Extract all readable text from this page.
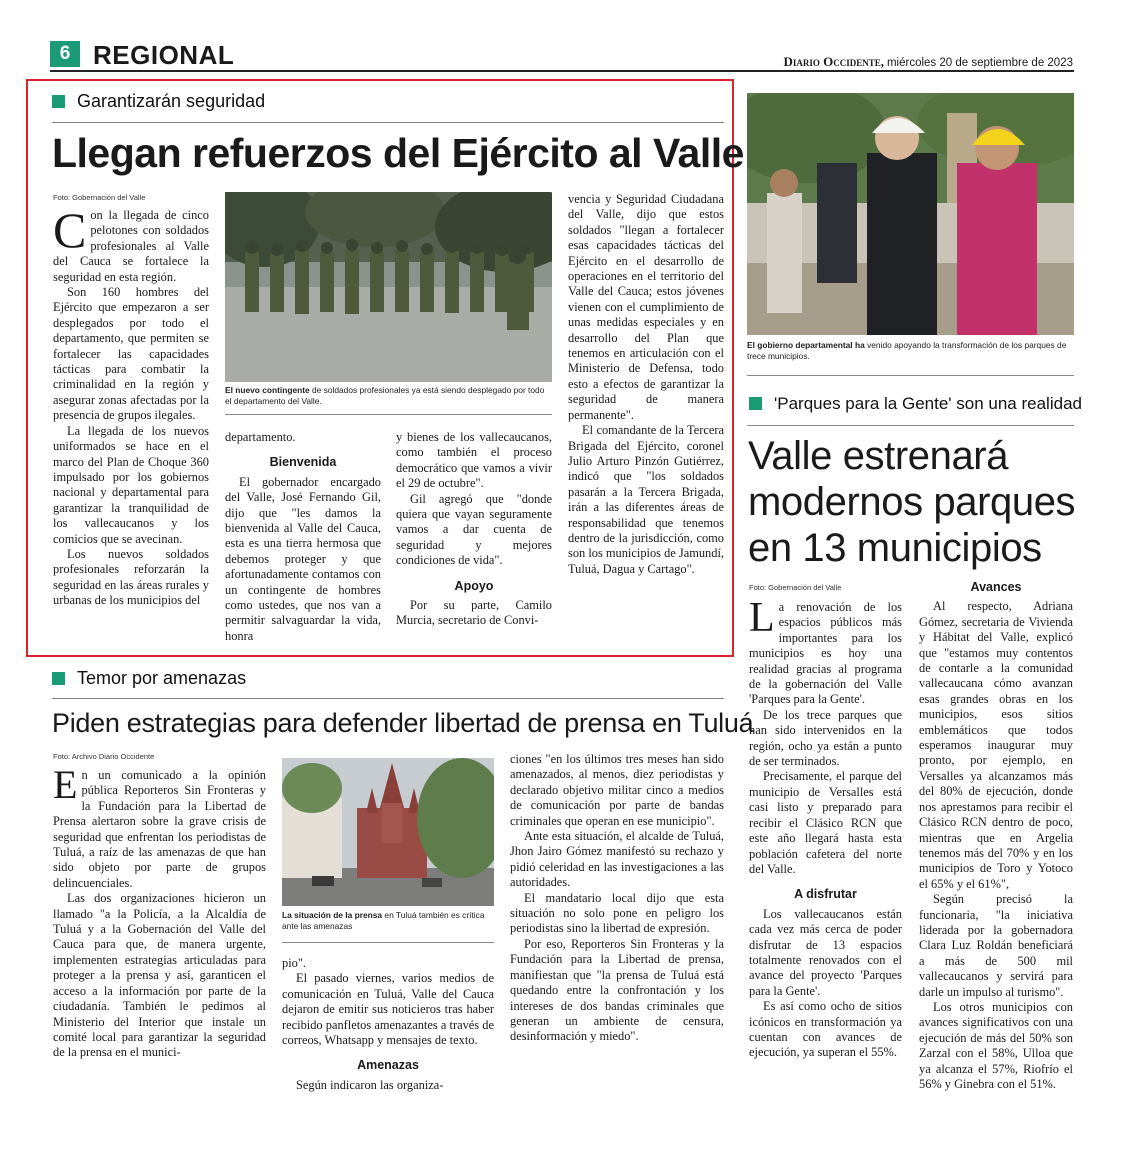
6 REGIONAL	Diario Occidente, miércoles 20 de septiembre de 2023
Garantizarán seguridad
Llegan refuerzos del Ejército al Valle
Foto: Gobernación del Valle

Con la llegada de cinco pelotones con soldados profesionales al Valle del Cauca se fortalece la seguridad en esta región.

Son 160 hombres del Ejército que empezaron a ser desplegados por todo el departamento, que permiten se fortalecer las capacidades tácticas para combatir la criminalidad en la región y asegurar zonas afectadas por la presencia de grupos ilegales.

La llegada de los nuevos uniformados se hace en el marco del Plan de Choque 360 impulsado por los gobiernos nacional y departamental para garantizar la tranquilidad de los vallecaucanos y los comicios que se avecinan.

Los nuevos soldados profesionales reforzarán la seguridad en las áreas rurales y urbanas de los municipios del

El nuevo contingente de soldados profesionales ya está siendo desplegado por todo el departamento del Valle.

departamento.

Bienvenida

El gobernador encargado del Valle, José Fernando Gil, dijo que "les damos la bienvenida al Valle del Cauca, esta es una tierra hermosa que debemos proteger y que afortunadamente contamos con un contingente de hombres como ustedes, que nos van a permitir salvaguardar la vida, honra

y bienes de los vallecaucanos, como también el proceso democrático que vamos a vivir el 29 de octubre".

Gil agregó que "donde quiera que vayan seguramente vamos a dar cuenta de seguridad y mejores condiciones de vida".

Apoyo

Por su parte, Camilo Murcia, secretario de Convi-

vencia y Seguridad Ciudadana del Valle, dijo que estos soldados "llegan a fortalecer esas capacidades tácticas del Ejército en el desarrollo de operaciones en el territorio del Valle del Cauca; estos jóvenes vienen con el cumplimiento de unas medidas especiales y en desarrollo del Plan que tenemos en articulación con el Ministerio de Defensa, todo esto a efectos de garantizar la seguridad de manera permanente".

El comandante de la Tercera Brigada del Ejército, coronel Julio Arturo Pinzón Gutiérrez, indicó que "los soldados pasarán a la Tercera Brigada, irán a las diferentes áreas de responsabilidad que tenemos dentro de la jurisdicción, como son los municipios de Jamundí, Tuluá, Dagua y Cartago".

El gobierno departamental ha venido apoyando la transformación de los parques de trece municipios.
'Parques para la Gente' son una realidad
Valle estrenará modernos parques en 13 municipios
Foto: Gobernación del Valle

La renovación de los espacios públicos más importantes para los municipios es hoy una realidad gracias al programa de la gobernación del Valle 'Parques para la Gente'.

De los trece parques que han sido intervenidos en la región, ocho ya están a punto de ser terminados.

Precisamente, el parque del municipio de Versalles está casi listo y preparado para recibir el Clásico RCN que este año llegará hasta esta población cafetera del norte del Valle.

A disfrutar

Los vallecaucanos están cada vez más cerca de poder disfrutar de 13 espacios totalmente renovados con el avance del proyecto 'Parques para la Gente'.

Es así como ocho de sitios icónicos en transformación ya cuentan con avances de ejecución, ya superan el 55%.

Avances

Al respecto, Adriana Gómez, secretaria de Vivienda y Hábitat del Valle, explicó que "estamos muy contentos de contarle a la comunidad vallecaucana cómo avanzan esas grandes obras en los municipios, esos sitios emblemáticos que todos esperamos inaugurar muy pronto, por ejemplo, en Versalles ya alcanzamos más del 80% de ejecución, donde nos aprestamos para recibir el Clásico RCN dentro de poco, mientras que en Argelia tenemos más del 70% y en los municipios de Toro y Yotoco el 65% y el 61%",

Según precisó la funcionaria, "la iniciativa liderada por la gobernadora Clara Luz Roldán beneficiará a más de 500 mil vallecaucanos y servirá para darle un impulso al turismo".

Los otros municipios con avances significativos con una ejecución de más del 50% son Zarzal con el 58%, Ulloa que ya alcanza el 57%, Riofrío el 56% y Ginebra con el 51%.

Temor por amenazas
Piden estrategias para defender libertad de prensa en Tuluá
Foto: Archivo Diario Occidente

En un comunicado a la opinión pública Reporteros Sin Fronteras y la Fundación para la Libertad de Prensa alertaron sobre la grave crisis de seguridad que enfrentan los periodistas de Tuluá, a raíz de las amenazas de que han sido objeto por parte de grupos delincuenciales.

Las dos organizaciones hicieron un llamado "a la Policía, a la Alcaldía de Tuluá y a la Gobernación del Valle del Cauca para que, de manera urgente, implementen estrategias articuladas para proteger a la prensa y así, garanticen el acceso a la información por parte de la ciudadanía. También le pedimos al Ministerio del Interior que instale un comité local para garantizar la seguridad de la prensa en el munici-

La situación de la prensa en Tuluá también es crítica ante las amenazas

pio".

El pasado viernes, varios medios de comunicación en Tuluá, Valle del Cauca dejaron de emitir sus noticieros tras haber recibido panfletos amenazantes a través de correos, Whatsapp y mensajes de texto.

Amenazas

Según indicaron las organiza-

ciones "en los últimos tres meses han sido amenazados, al menos, diez periodistas y declarado objetivo militar cinco a medios de comunicación por parte de bandas criminales que operan en ese municipio".

Ante esta situación, el alcalde de Tuluá, Jhon Jairo Gómez manifestó su rechazo y pidió celeridad en las investigaciones a las autoridades.

El mandatario local dijo que esta situación no solo pone en peligro los periodistas sino la libertad de expresión.

Por eso, Reporteros Sin Fronteras y la Fundación para la Libertad de prensa, manifiestan que "la prensa de Tuluá está quedando entre la confrontación y los intereses de dos bandas criminales que generan un ambiente de censura, desinformación y miedo".
